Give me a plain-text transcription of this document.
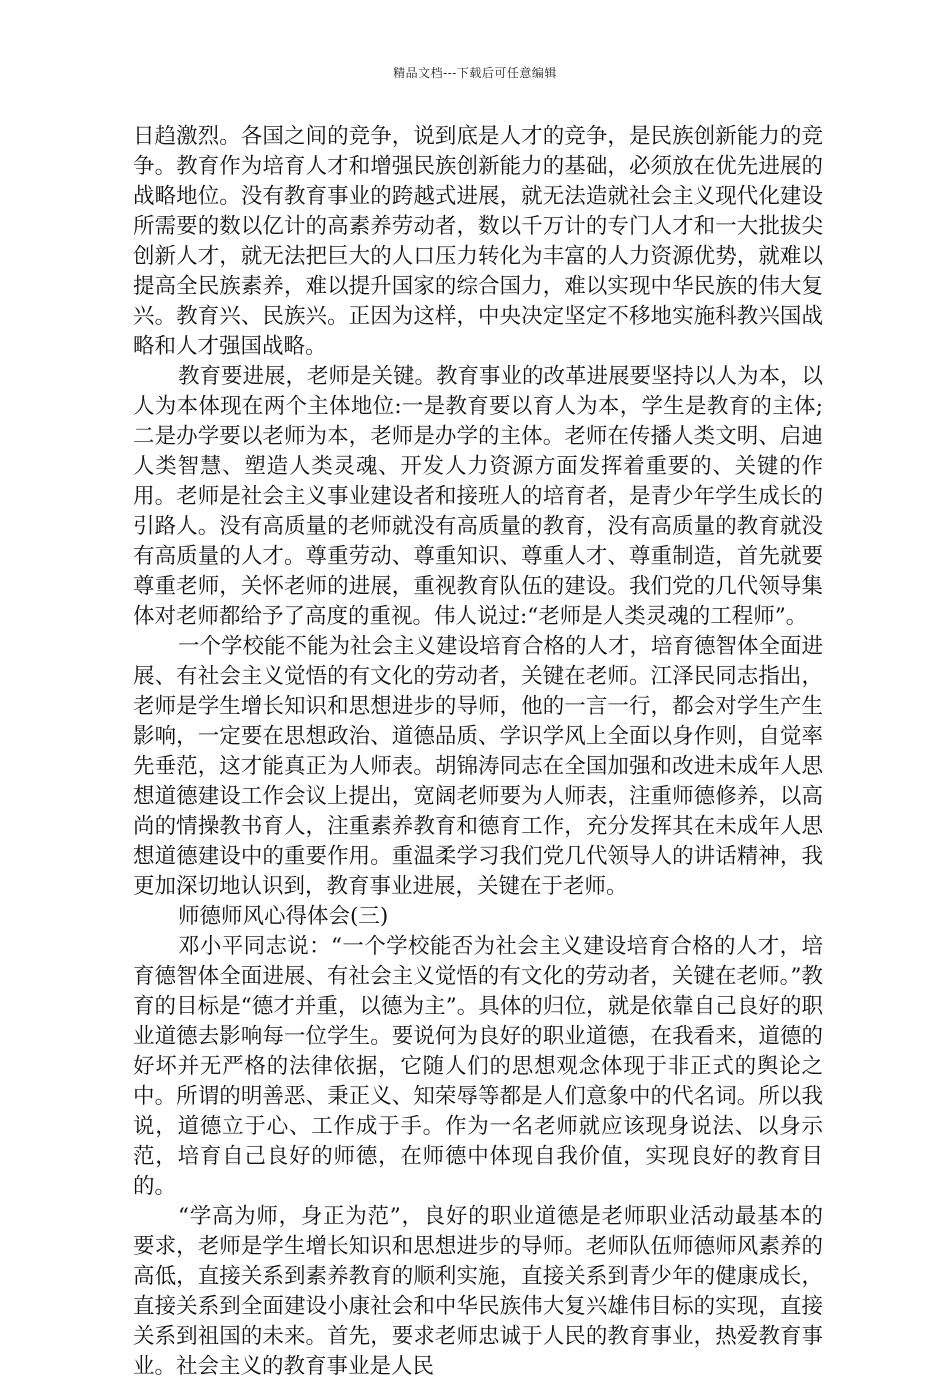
精品文档---下载后可任意编辑

日趋激烈。各国之间的竞争，说到底是人才的竞争，是民族创新能力的竞争。教育作为培育人才和增强民族创新能力的基础，必须放在优先进展的战略地位。没有教育事业的跨越式进展，就无法造就社会主义现代化建设所需要的数以亿计的高素养劳动者，数以千万计的专门人才和一大批拔尖创新人才，就无法把巨大的人口压力转化为丰富的人力资源优势，就难以提高全民族素养，难以提升国家的综合国力，难以实现中华民族的伟大复兴。教育兴、民族兴。正因为这样，中央决定坚定不移地实施科教兴国战略和人才强国战略。

教育要进展，老师是关键。教育事业的改革进展要坚持以人为本，以人为本体现在两个主体地位:一是教育要以育人为本，学生是教育的主体;二是办学要以老师为本，老师是办学的主体。老师在传播人类文明、启迪人类智慧、塑造人类灵魂、开发人力资源方面发挥着重要的、关键的作用。老师是社会主义事业建设者和接班人的培育者，是青少年学生成长的引路人。没有高质量的老师就没有高质量的教育，没有高质量的教育就没有高质量的人才。尊重劳动、尊重知识、尊重人才、尊重制造，首先就要尊重老师，关怀老师的进展，重视教育队伍的建设。我们党的几代领导集体对老师都给予了高度的重视。伟人说过:“老师是人类灵魂的工程师”。

一个学校能不能为社会主义建设培育合格的人才，培育德智体全面进展、有社会主义觉悟的有文化的劳动者，关键在老师。江泽民同志指出，老师是学生增长知识和思想进步的导师，他的一言一行，都会对学生产生影响，一定要在思想政治、道德品质、学识学风上全面以身作则，自觉率先垂范，这才能真正为人师表。胡锦涛同志在全国加强和改进未成年人思想道德建设工作会议上提出，宽阔老师要为人师表，注重师德修养，以高尚的情操教书育人，注重素养教育和德育工作，充分发挥其在未成年人思想道德建设中的重要作用。重温柔学习我们党几代领导人的讲话精神，我更加深切地认识到，教育事业进展，关键在于老师。

师德师风心得体会(三)

邓小平同志说：“一个学校能否为社会主义建设培育合格的人才，培育德智体全面进展、有社会主义觉悟的有文化的劳动者，关键在老师。”教育的目标是“德才并重，以德为主”。具体的归位，就是依靠自己良好的职业道德去影响每一位学生。要说何为良好的职业道德，在我看来，道德的好坏并无严格的法律依据，它随人们的思想观念体现于非正式的舆论之中。所谓的明善恶、秉正义、知荣辱等都是人们意象中的代名词。所以我说，道德立于心、工作成于手。作为一名老师就应该现身说法、以身示范，培育自己良好的师德，在师德中体现自我价值，实现良好的教育目的。

“学高为师，身正为范”，良好的职业道德是老师职业活动最基本的要求，老师是学生增长知识和思想进步的导师。老师队伍师德师风素养的高低，直接关系到素养教育的顺利实施，直接关系到青少年的健康成长，直接关系到全面建设小康社会和中华民族伟大复兴雄伟目标的实现，直接关系到祖国的未来。首先，要求老师忠诚于人民的教育事业，热爱教育事业。社会主义的教育事业是人民
